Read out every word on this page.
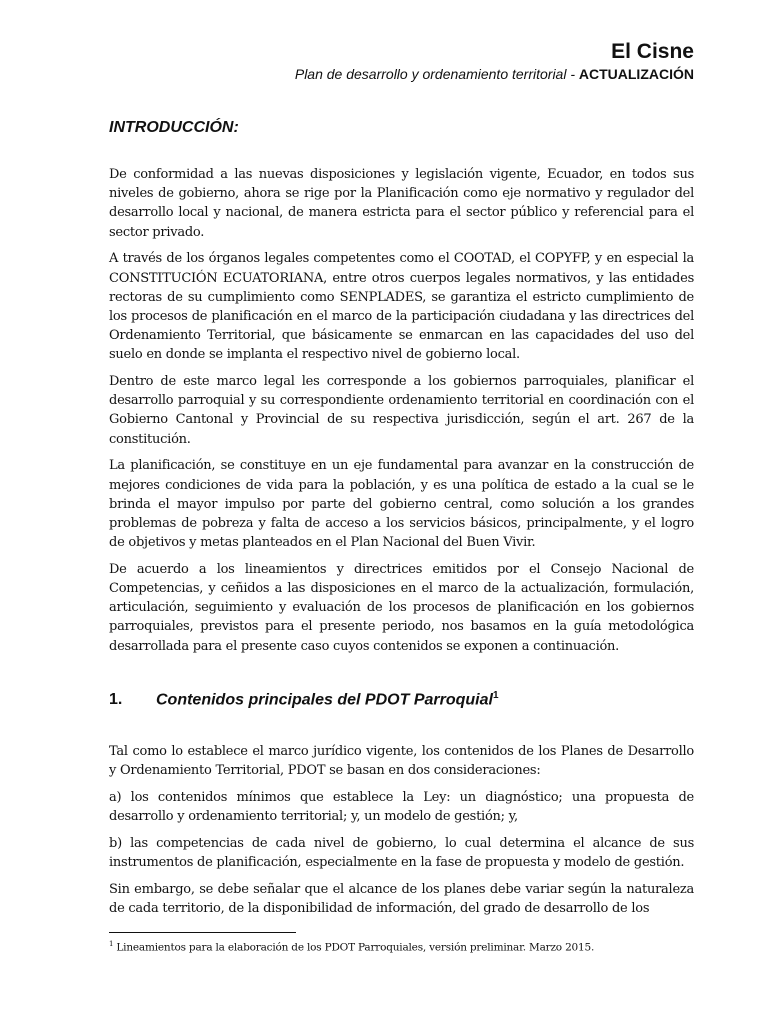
El Cisne
Plan de desarrollo y ordenamiento territorial - ACTUALIZACIÓN
INTRODUCCIÓN:

De conformidad a las nuevas disposiciones y legislación vigente, Ecuador, en todos sus niveles de gobierno, ahora se rige por la Planificación como eje normativo y regulador del desarrollo local y nacional, de manera estricta para el sector público y referencial para el sector privado.

A través de los órganos legales competentes como el COOTAD, el COPYFP, y en especial la CONSTITUCIÓN ECUATORIANA, entre otros cuerpos legales normativos, y las entidades rectoras de su cumplimiento como SENPLADES, se garantiza el estricto cumplimiento de los procesos de planificación en el marco de la participación ciudadana y las directrices del Ordenamiento Territorial, que básicamente se enmarcan en las capacidades del uso del suelo en donde se implanta el respectivo nivel de gobierno local.

Dentro de este marco legal les corresponde a los gobiernos parroquiales, planificar el desarrollo parroquial y su correspondiente ordenamiento territorial en coordinación con el Gobierno Cantonal y Provincial de su respectiva jurisdicción, según el art. 267 de la constitución.

La planificación, se constituye en un eje fundamental para avanzar en la construcción de mejores condiciones de vida para la población, y es una política de estado a la cual se le brinda el mayor impulso por parte del gobierno central, como solución a los grandes problemas de pobreza y falta de acceso a los servicios básicos, principalmente, y el logro de objetivos y metas planteados en el Plan Nacional del Buen Vivir.

De acuerdo a los lineamientos y directrices emitidos por el Consejo Nacional de Competencias, y ceñidos a las disposiciones en el marco de la actualización, formulación, articulación, seguimiento y evaluación de los procesos de planificación en los gobiernos parroquiales, previstos para el presente periodo, nos basamos en la guía metodológica desarrollada para el presente caso cuyos contenidos se exponen a continuación.

1. Contenidos principales del PDOT Parroquial$^1$

Tal como lo establece el marco jurídico vigente, los contenidos de los Planes de Desarrollo y Ordenamiento Territorial, PDOT se basan en dos consideraciones:

a) los contenidos mínimos que establece la Ley: un diagnóstico; una propuesta de desarrollo y ordenamiento territorial; y, un modelo de gestión; y,

b) las competencias de cada nivel de gobierno, lo cual determina el alcance de sus instrumentos de planificación, especialmente en la fase de propuesta y modelo de gestión.

Sin embargo, se debe señalar que el alcance de los planes debe variar según la naturaleza de cada territorio, de la disponibilidad de información, del grado de desarrollo de los

$^1$ Lineamientos para la elaboración de los PDOT Parroquiales, versión preliminar. Marzo 2015.
